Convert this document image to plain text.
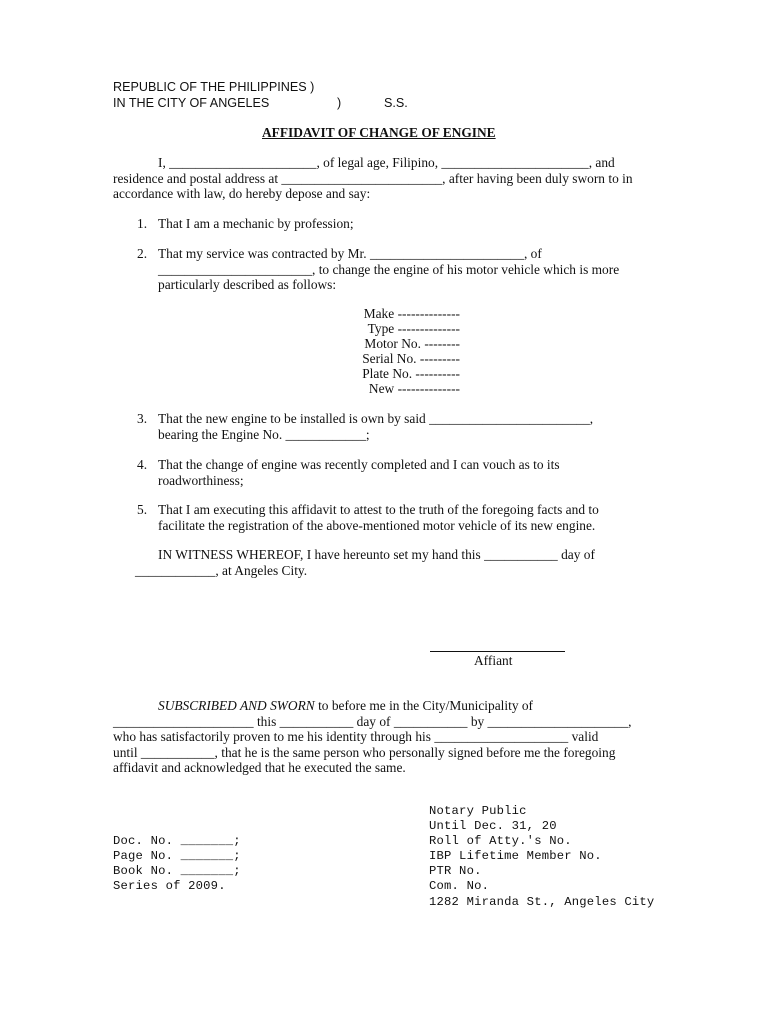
REPUBLIC OF THE PHILIPPINES )
IN THE CITY OF ANGELES	)	S.S.
AFFIDAVIT OF CHANGE OF ENGINE
I, ______________________, of legal age, Filipino, ______________________, and
residence and postal address at ________________________, after having been duly sworn to in
accordance with law, do hereby depose and say:
1. That I am a mechanic by profession;
2. That my service was contracted by Mr. _______________________, of
_______________________, to change the engine of his motor vehicle which is more
particularly described as follows:
Make --------------
Type --------------
Motor No. --------
Serial No. ---------
Plate No. ----------
New --------------
3. That the new engine to be installed is own by said ________________________,
bearing the Engine No. ____________;
4. That the change of engine was recently completed and I can vouch as to its
roadworthiness;
5. That I am executing this affidavit to attest to the truth of the foregoing facts and to
facilitate the registration of the above-mentioned motor vehicle of its new engine.
IN WITNESS WHEREOF, I have hereunto set my hand this ___________ day of
____________, at Angeles City.
Affiant
SUBSCRIBED AND SWORN to before me in the City/Municipality of
_____________________ this ___________ day of ___________ by _____________________,
who has satisfactorily proven to me his identity through his ____________________ valid
until ___________, that he is the same person who personally signed before me the foregoing
affidavit and acknowledged that he executed the same.
Notary Public
Until Dec. 31, 20
Roll of Atty.'s No.
IBP Lifetime Member No.
PTR No.
Com. No.
1282 Miranda St., Angeles City
Doc. No. _______;
Page No. _______;
Book No. _______;
Series of 2009.
